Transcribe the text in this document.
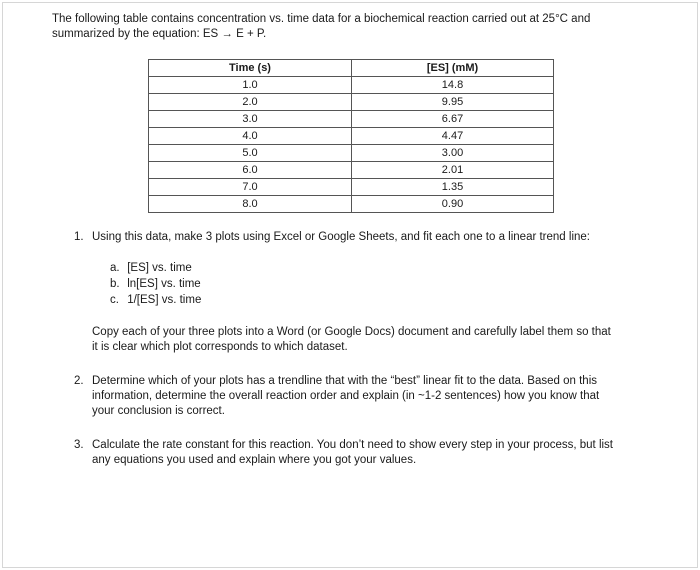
The following table contains concentration vs. time data for a biochemical reaction carried out at 25°C and

summarized by the equation: ES → E + P.

Time (s)	[ES] (mM)
1.0	14.8
2.0	9.95
3.0	6.67
4.0	4.47
5.0	3.00
6.0	2.01
7.0	1.35
8.0	0.90
1. Using this data, make 3 plots using Excel or Google Sheets, and fit each one to a linear trend line:
a. [ES] vs. time
b. ln[ES] vs. time
c. 1/[ES] vs. time
Copy each of your three plots into a Word (or Google Docs) document and carefully label them so that
it is clear which plot corresponds to which dataset.
2. Determine which of your plots has a trendline that with the “best” linear fit to the data. Based on this
information, determine the overall reaction order and explain (in ~1-2 sentences) how you know that
your conclusion is correct.
3. Calculate the rate constant for this reaction. You don’t need to show every step in your process, but list
any equations you used and explain where you got your values.
